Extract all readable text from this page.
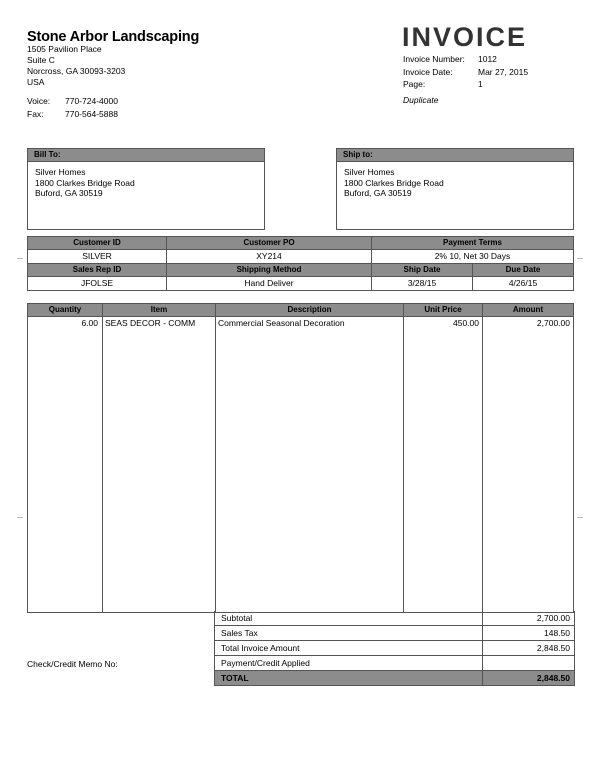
Stone Arbor Landscaping
1505 Pavilion Place
Suite C
Norcross, GA 30093-3203
USA
Voice: 770-724-4000
Fax:	770-564-5888
INVOICE
Invoice Number: 1012
Invoice Date:	Mar 27, 2015
Page:	1
Duplicate
Bill To:
Silver Homes
1800 Clarkes Bridge Road
Buford, GA 30519
Ship to:
Silver Homes
1800 Clarkes Bridge Road
Buford, GA 30519
Customer ID	Customer PO	Payment Terms	
SILVER	XY214	2% 10, Net 30 Days	
Sales Rep ID	Shipping Method	Ship Date	Due Date
JFOLSE	Hand Deliver	3/28/15	4/26/15
Quantity	Item	Description	Unit Price	Amount
6.00 SEAS DECOR - COMM	Commercial Seasonal Decoration	450.00	2,700.00
Subtotal	2,700.00
Sales Tax	148.50
Total Invoice Amount	2,848.50
Payment/Credit Applied
TOTAL	2,848.50
Check/Credit Memo No:
